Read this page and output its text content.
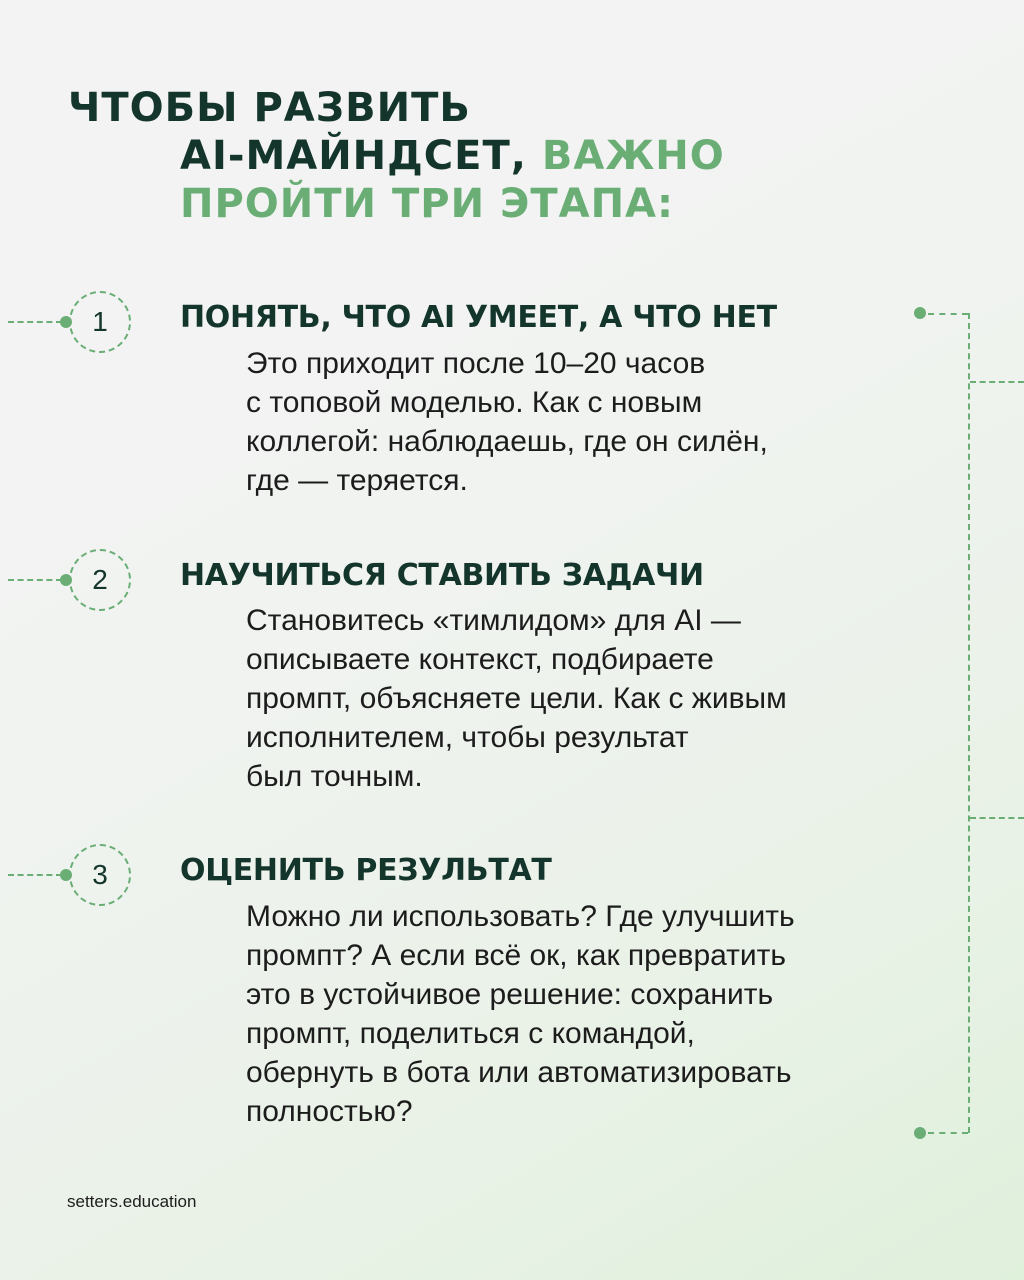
ЧТОБЫ РАЗВИТЬ
AI-МАЙНДСЕТ, ВАЖНО
ПРОЙТИ ТРИ ЭТАПА:
1	ПОНЯТЬ, ЧТО AI УМЕЕТ, А ЧТО НЕТ
Это приходит после 10–20 часов
с топовой моделью. Как с новым
коллегой: наблюдаешь, где он силён,
где — теряется.
2	НАУЧИТЬСЯ СТАВИТЬ ЗАДАЧИ
Становитесь «тимлидом» для AI —
описываете контекст, подбираете
промпт, объясняете цели. Как с живым
исполнителем, чтобы результат
был точным.
3	ОЦЕНИТЬ РЕЗУЛЬТАТ
Можно ли использовать? Где улучшить
промпт? А если всё ок, как превратить
это в устойчивое решение: сохранить
промпт, поделиться с командой,
обернуть в бота или автоматизировать
полностью?
setters.education
